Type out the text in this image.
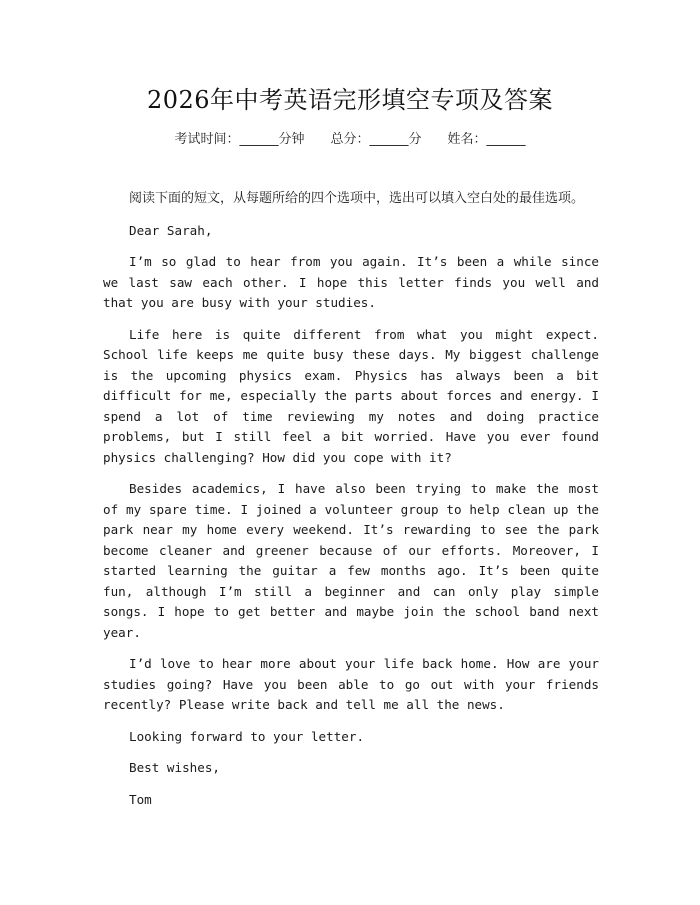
2026年中考英语完形填空专项及答案
考试时间：______分钟 总分：______分 姓名：______

阅读下面的短文，从每题所给的四个选项中，选出可以填入空白处的最佳选项。

Dear Sarah,

I’m so glad to hear from you again. It’s been a while since we last saw each other. I hope this letter finds you well and that you are busy with your studies.

Life here is quite different from what you might expect. School life keeps me quite busy these days. My biggest challenge is the upcoming physics exam. Physics has always been a bit difficult for me, especially the parts about forces and energy. I spend a lot of time reviewing my notes and doing practice problems, but I still feel a bit worried. Have you ever found physics challenging? How did you cope with it?

Besides academics, I have also been trying to make the most of my spare time. I joined a volunteer group to help clean up the park near my home every weekend. It’s rewarding to see the park become cleaner and greener because of our efforts. Moreover, I started learning the guitar a few months ago. It’s been quite fun, although I’m still a beginner and can only play simple songs. I hope to get better and maybe join the school band next year.

I’d love to hear more about your life back home. How are your studies going? Have you been able to go out with your friends recently? Please write back and tell me all the news.

Looking forward to your letter.

Best wishes,

Tom
